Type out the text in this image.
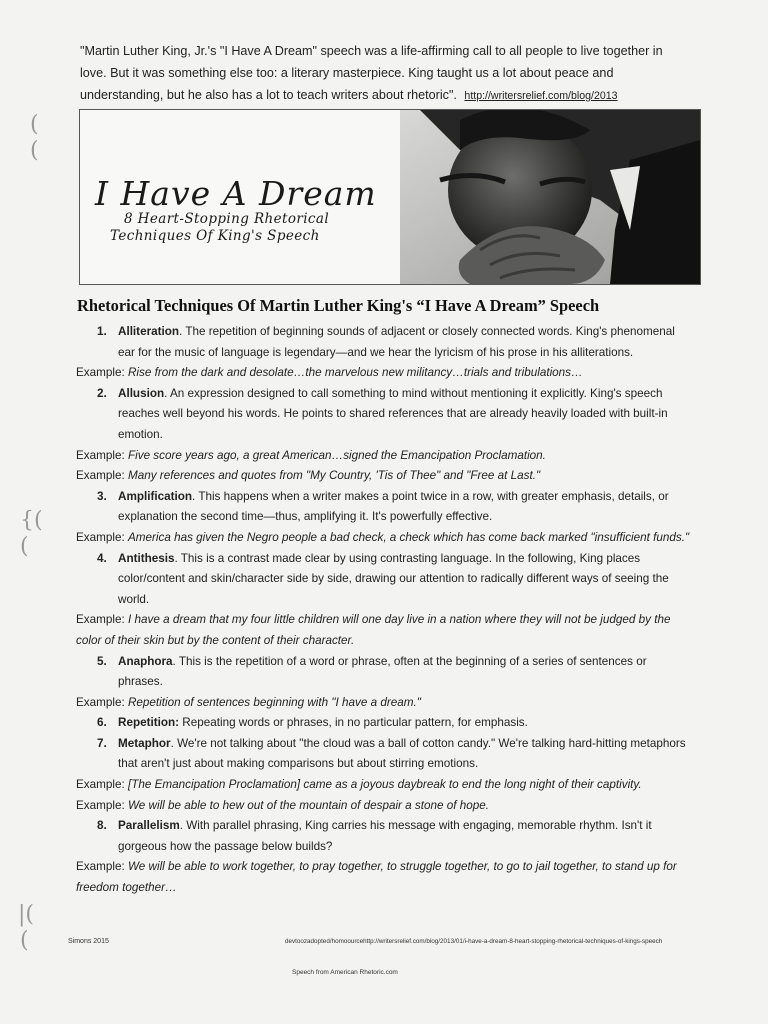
"Martin Luther King, Jr.'s "I Have A Dream" speech was a life-affirming call to all people to live together in love. But it was something else too: a literary masterpiece. King taught us a lot about peace and understanding, but he also has a lot to teach writers about rhetoric". http://writersrelief.com/blog/2013
I Have A Dream
8 Heart-Stopping Rhetorical
Techniques Of King's Speech
Rhetorical Techniques Of Martin Luther King's “I Have A Dream” Speech
1. Alliteration. The repetition of beginning sounds of adjacent or closely connected words. King's phenomenal ear for the music of language is legendary—and we hear the lyricism of his prose in his alliterations.
Example: Rise from the dark and desolate…the marvelous new militancy…trials and tribulations…
2. Allusion. An expression designed to call something to mind without mentioning it explicitly. King's speech reaches well beyond his words. He points to shared references that are already heavily loaded with built-in emotion.
Example: Five score years ago, a great American…signed the Emancipation Proclamation.
Example: Many references and quotes from "My Country, 'Tis of Thee" and "Free at Last."
3. Amplification. This happens when a writer makes a point twice in a row, with greater emphasis, details, or explanation the second time—thus, amplifying it. It's powerfully effective.
Example: America has given the Negro people a bad check, a check which has come back marked "insufficient funds."
4. Antithesis. This is a contrast made clear by using contrasting language. In the following, King places color/content and skin/character side by side, drawing our attention to radically different ways of seeing the world.
Example: I have a dream that my four little children will one day live in a nation where they will not be judged by the color of their skin but by the content of their character.
5. Anaphora. This is the repetition of a word or phrase, often at the beginning of a series of sentences or phrases.
Example: Repetition of sentences beginning with "I have a dream."
6. Repetition: Repeating words or phrases, in no particular pattern, for emphasis.
7. Metaphor. We're not talking about "the cloud was a ball of cotton candy." We're talking hard-hitting metaphors that aren't just about making comparisons but about stirring emotions.
Example: [The Emancipation Proclamation] came as a joyous daybreak to end the long night of their captivity.
Example: We will be able to hew out of the mountain of despair a stone of hope.
8. Parallelism. With parallel phrasing, King carries his message with engaging, memorable rhythm. Isn't it gorgeous how the passage below builds?
Example: We will be able to work together, to pray together, to struggle together, to go to jail together, to stand up for freedom together…
Simons 2015	devtoozadopted/homoourcehttp://writersrelief.com/blog/2013/01/i-have-a-dream-8-heart-stopping-rhetorical-techniques-of-kings-speech
Speech from American Rhetoric.com
(
(
{(
(
|(
(
